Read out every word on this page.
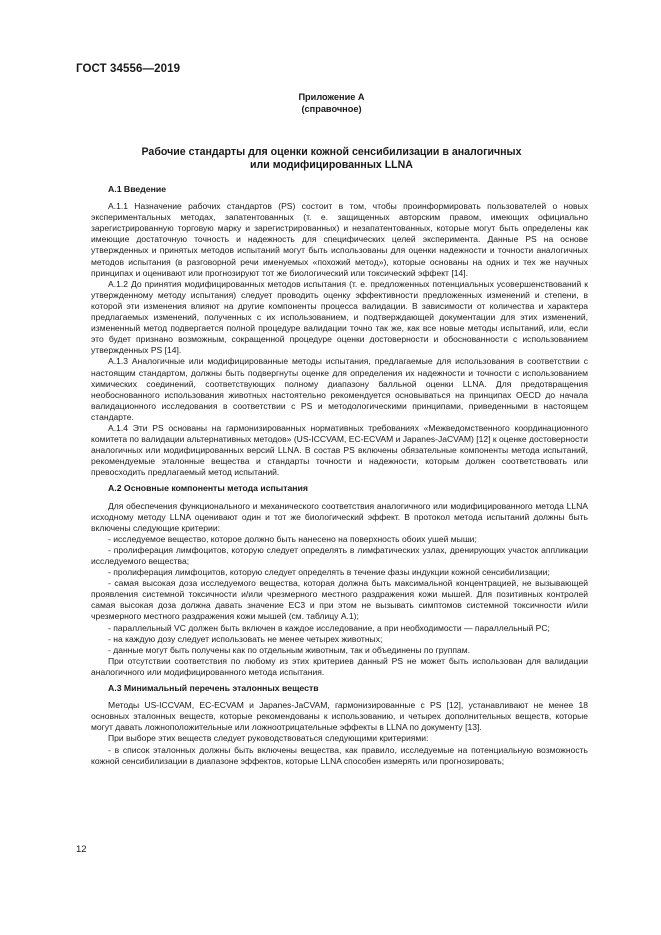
ГОСТ 34556—2019
Приложение А
(справочное)
Рабочие стандарты для оценки кожной сенсибилизации в аналогичных
или модифицированных LLNA
А.1 Введение

А.1.1 Назначение рабочих стандартов (PS) состоит в том, чтобы проинформировать пользователей о новых экспериментальных методах, запатентованных (т. е. защищенных авторским правом, имеющих официально зарегистрированную торговую марку и зарегистрированных) и незапатентованных, которые могут быть определены как имеющие достаточную точность и надежность для специфических целей эксперимента. Данные PS на основе утвержденных и принятых методов испытаний могут быть использованы для оценки надежности и точности аналогичных методов испытания (в разговорной речи именуемых «похожий метод»), которые основаны на одних и тех же научных принципах и оценивают или прогнозируют тот же биологический или токсический эффект [14].

А.1.2 До принятия модифицированных методов испытания (т. е. предложенных потенциальных усовершенствований к утвержденному методу испытания) следует проводить оценку эффективности предложенных изменений и степени, в которой эти изменения влияют на другие компоненты процесса валидации. В зависимости от количества и характера предлагаемых изменений, полученных с их использованием, и подтверждающей документации для этих изменений, измененный метод подвергается полной процедуре валидации точно так же, как все новые методы испытаний, или, если это будет признано возможным, сокращенной процедуре оценки достоверности и обоснованности с использованием утвержденных PS [14].

А.1.3 Аналогичные или модифицированные методы испытания, предлагаемые для использования в соответствии с настоящим стандартом, должны быть подвергнуты оценке для определения их надежности и точности с использованием химических соединений, соответствующих полному диапазону балльной оценки LLNA. Для предотвращения необоснованного использования животных настоятельно рекомендуется основываться на принципах OECD до начала валидационного исследования в соответствии с PS и методологическими принципами, приведенными в настоящем стандарте.

А.1.4 Эти PS основаны на гармонизированных нормативных требованиях «Межведомственного координационного комитета по валидации альтернативных методов» (US-ICCVAM, EC-ECVAM и Japanes-JaCVAM) [12] к оценке достоверности аналогичных или модифицированных версий LLNA. В состав PS включены обязательные компоненты метода испытаний, рекомендуемые эталонные вещества и стандарты точности и надежности, которым должен соответствовать или превосходить предлагаемый метод испытаний.

А.2 Основные компоненты метода испытания

Для обеспечения функционального и механического соответствия аналогичного или модифицированного метода LLNA исходному методу LLNA оценивают один и тот же биологический эффект. В протокол метода испытаний должны быть включены следующие критерии:

- исследуемое вещество, которое должно быть нанесено на поверхность обоих ушей мыши;

- пролиферация лимфоцитов, которую следует определять в лимфатических узлах, дренирующих участок аппликации исследуемого вещества;

- пролиферация лимфоцитов, которую следует определять в течение фазы индукции кожной сенсибилизации;

- самая высокая доза исследуемого вещества, которая должна быть максимальной концентрацией, не вызывающей проявления системной токсичности и/или чрезмерного местного раздражения кожи мышей. Для позитивных контролей самая высокая доза должна давать значение ЕС3 и при этом не вызывать симптомов системной токсичности и/или чрезмерного местного раздражения кожи мышей (см. таблицу А.1);

- параллельный VC должен быть включен в каждое исследование, а при необходимости — параллельный PC;

- на каждую дозу следует использовать не менее четырех животных;

- данные могут быть получены как по отдельным животным, так и объединены по группам.

При отсутствии соответствия по любому из этих критериев данный PS не может быть использован для валидации аналогичного или модифицированного метода испытания.

А.3 Минимальный перечень эталонных веществ

Методы US-ICCVAM, EC-ECVAM и Japanes-JaCVAM, гармонизированные с PS [12], устанавливают не менее 18 основных эталонных веществ, которые рекомендованы к использованию, и четырех дополнительных веществ, которые могут давать ложноположительные или ложноотрицательные эффекты в LLNA по документу [13].

При выборе этих веществ следует руководствоваться следующими критериями:

- в список эталонных должны быть включены вещества, как правило, исследуемые на потенциальную возможность кожной сенсибилизации в диапазоне эффектов, которые LLNA способен измерять или прогнозировать;

12
